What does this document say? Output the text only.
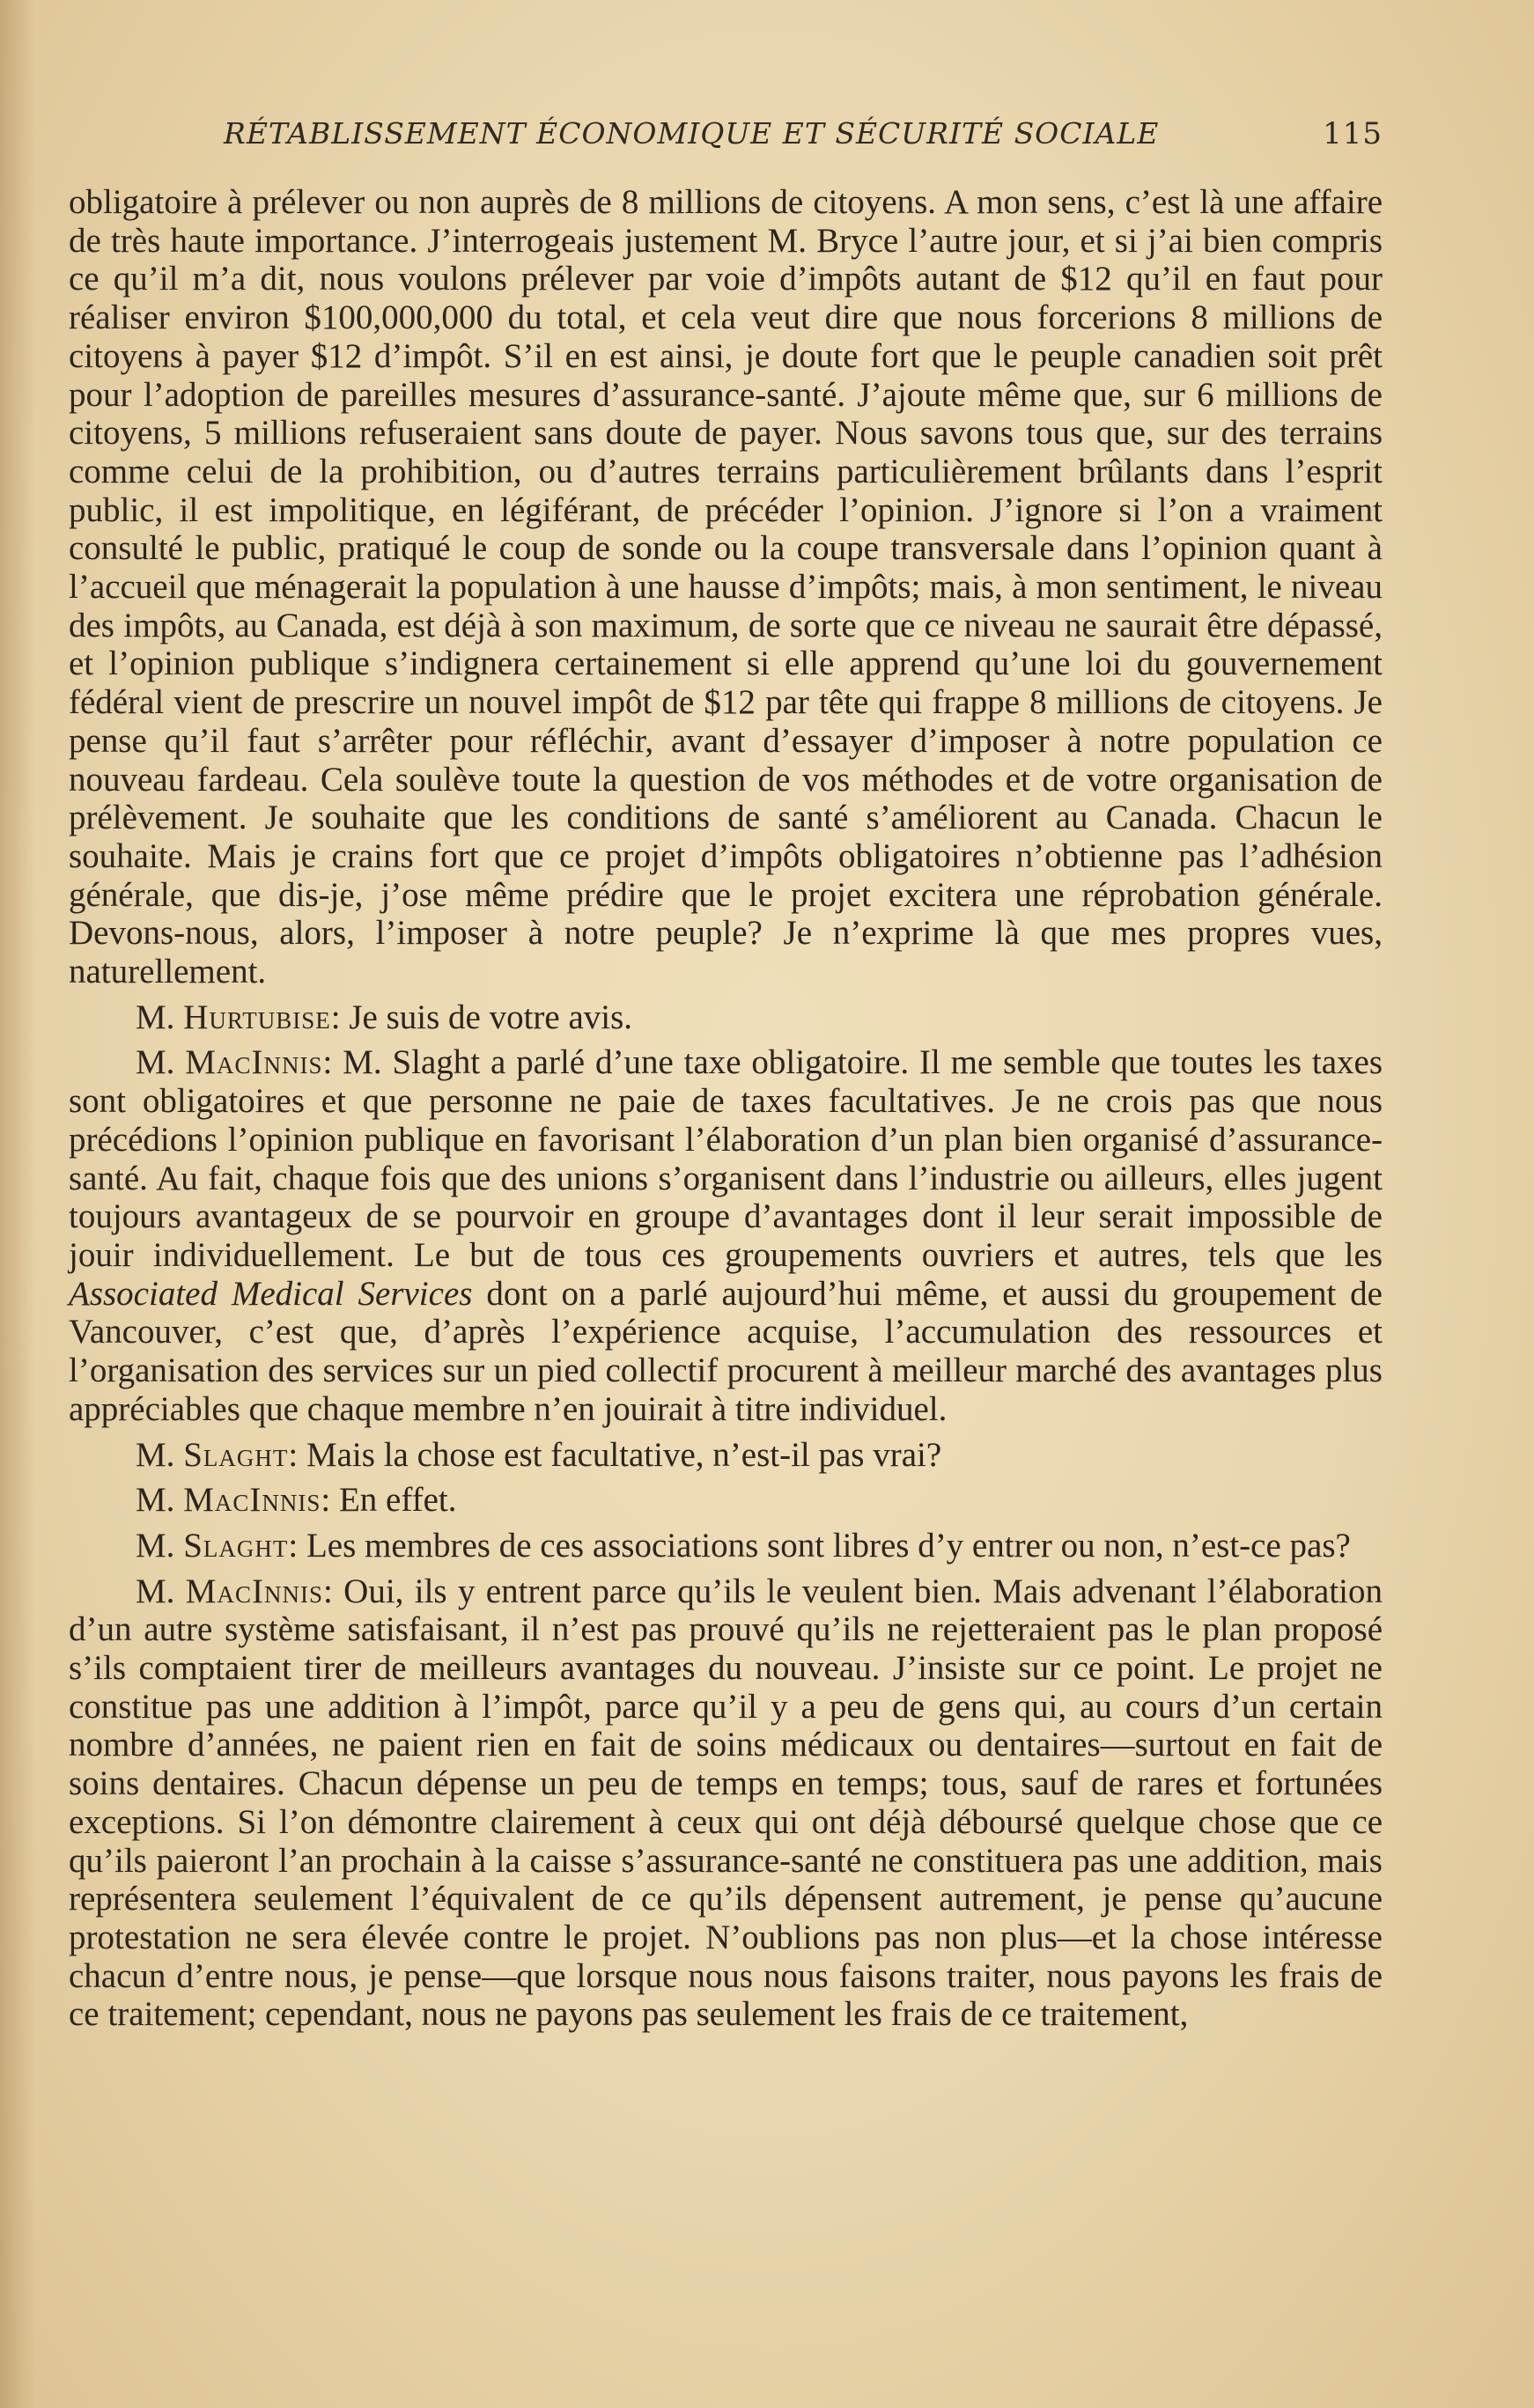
RÉTABLISSEMENT ÉCONOMIQUE ET SÉCURITÉ SOCIALE	115

obligatoire à prélever ou non auprès de 8 millions de citoyens. A mon sens, c’est là une affaire de très haute importance. J’interrogeais justement M. Bryce l’autre jour, et si j’ai bien compris ce qu’il m’a dit, nous voulons prélever par voie d’impôts autant de $12 qu’il en faut pour réaliser environ $100,000,000 du total, et cela veut dire que nous forcerions 8 millions de citoyens à payer $12 d’impôt. S’il en est ainsi, je doute fort que le peuple canadien soit prêt pour l’adoption de pareilles mesures d’assurance-santé. J’ajoute même que, sur 6 millions de citoyens, 5 millions refuseraient sans doute de payer. Nous savons tous que, sur des terrains comme celui de la prohibition, ou d’autres terrains particulièrement brûlants dans l’esprit public, il est impolitique, en légiférant, de précéder l’opinion. J’ignore si l’on a vraiment consulté le public, pratiqué le coup de sonde ou la coupe transversale dans l’opinion quant à l’accueil que ménagerait la population à une hausse d’impôts; mais, à mon sentiment, le niveau des impôts, au Canada, est déjà à son maximum, de sorte que ce niveau ne saurait être dépassé, et l’opinion publique s’indignera certainement si elle apprend qu’une loi du gouvernement fédéral vient de prescrire un nouvel impôt de $12 par tête qui frappe 8 millions de citoyens. Je pense qu’il faut s’arrêter pour réfléchir, avant d’essayer d’imposer à notre population ce nouveau fardeau. Cela soulève toute la question de vos méthodes et de votre organisation de prélèvement. Je souhaite que les conditions de santé s’améliorent au Canada. Chacun le souhaite. Mais je crains fort que ce projet d’impôts obligatoires n’obtienne pas l’adhésion générale, que dis-je, j’ose même prédire que le projet excitera une réprobation générale. Devons-nous, alors, l’imposer à notre peuple? Je n’exprime là que mes propres vues, naturellement.

M. Hurtubise: Je suis de votre avis.

M. MacInnis: M. Slaght a parlé d’une taxe obligatoire. Il me semble que toutes les taxes sont obligatoires et que personne ne paie de taxes facultatives. Je ne crois pas que nous précédions l’opinion publique en favorisant l’élaboration d’un plan bien organisé d’assurance-santé. Au fait, chaque fois que des unions s’organisent dans l’industrie ou ailleurs, elles jugent toujours avantageux de se pourvoir en groupe d’avantages dont il leur serait impossible de jouir individuellement. Le but de tous ces groupements ouvriers et autres, tels que les Associated Medical Services dont on a parlé aujourd’hui même, et aussi du groupement de Vancouver, c’est que, d’après l’expérience acquise, l’accumulation des ressources et l’organisation des services sur un pied collectif procurent à meilleur marché des avantages plus appréciables que chaque membre n’en jouirait à titre individuel.

M. Slaght: Mais la chose est facultative, n’est-il pas vrai?

M. MacInnis: En effet.

M. Slaght: Les membres de ces associations sont libres d’y entrer ou non, n’est-ce pas?

M. MacInnis: Oui, ils y entrent parce qu’ils le veulent bien. Mais advenant l’élaboration d’un autre système satisfaisant, il n’est pas prouvé qu’ils ne rejetteraient pas le plan proposé s’ils comptaient tirer de meilleurs avantages du nouveau. J’insiste sur ce point. Le projet ne constitue pas une addition à l’impôt, parce qu’il y a peu de gens qui, au cours d’un certain nombre d’années, ne paient rien en fait de soins médicaux ou dentaires—surtout en fait de soins dentaires. Chacun dépense un peu de temps en temps; tous, sauf de rares et fortunées exceptions. Si l’on démontre clairement à ceux qui ont déjà déboursé quelque chose que ce qu’ils paieront l’an prochain à la caisse s’assurance-santé ne constituera pas une addition, mais représentera seulement l’équivalent de ce qu’ils dépensent autrement, je pense qu’aucune protestation ne sera élevée contre le projet. N’oublions pas non plus—et la chose intéresse chacun d’entre nous, je pense—que lorsque nous nous faisons traiter, nous payons les frais de ce traitement; cependant, nous ne payons pas seulement les frais de ce traitement,
